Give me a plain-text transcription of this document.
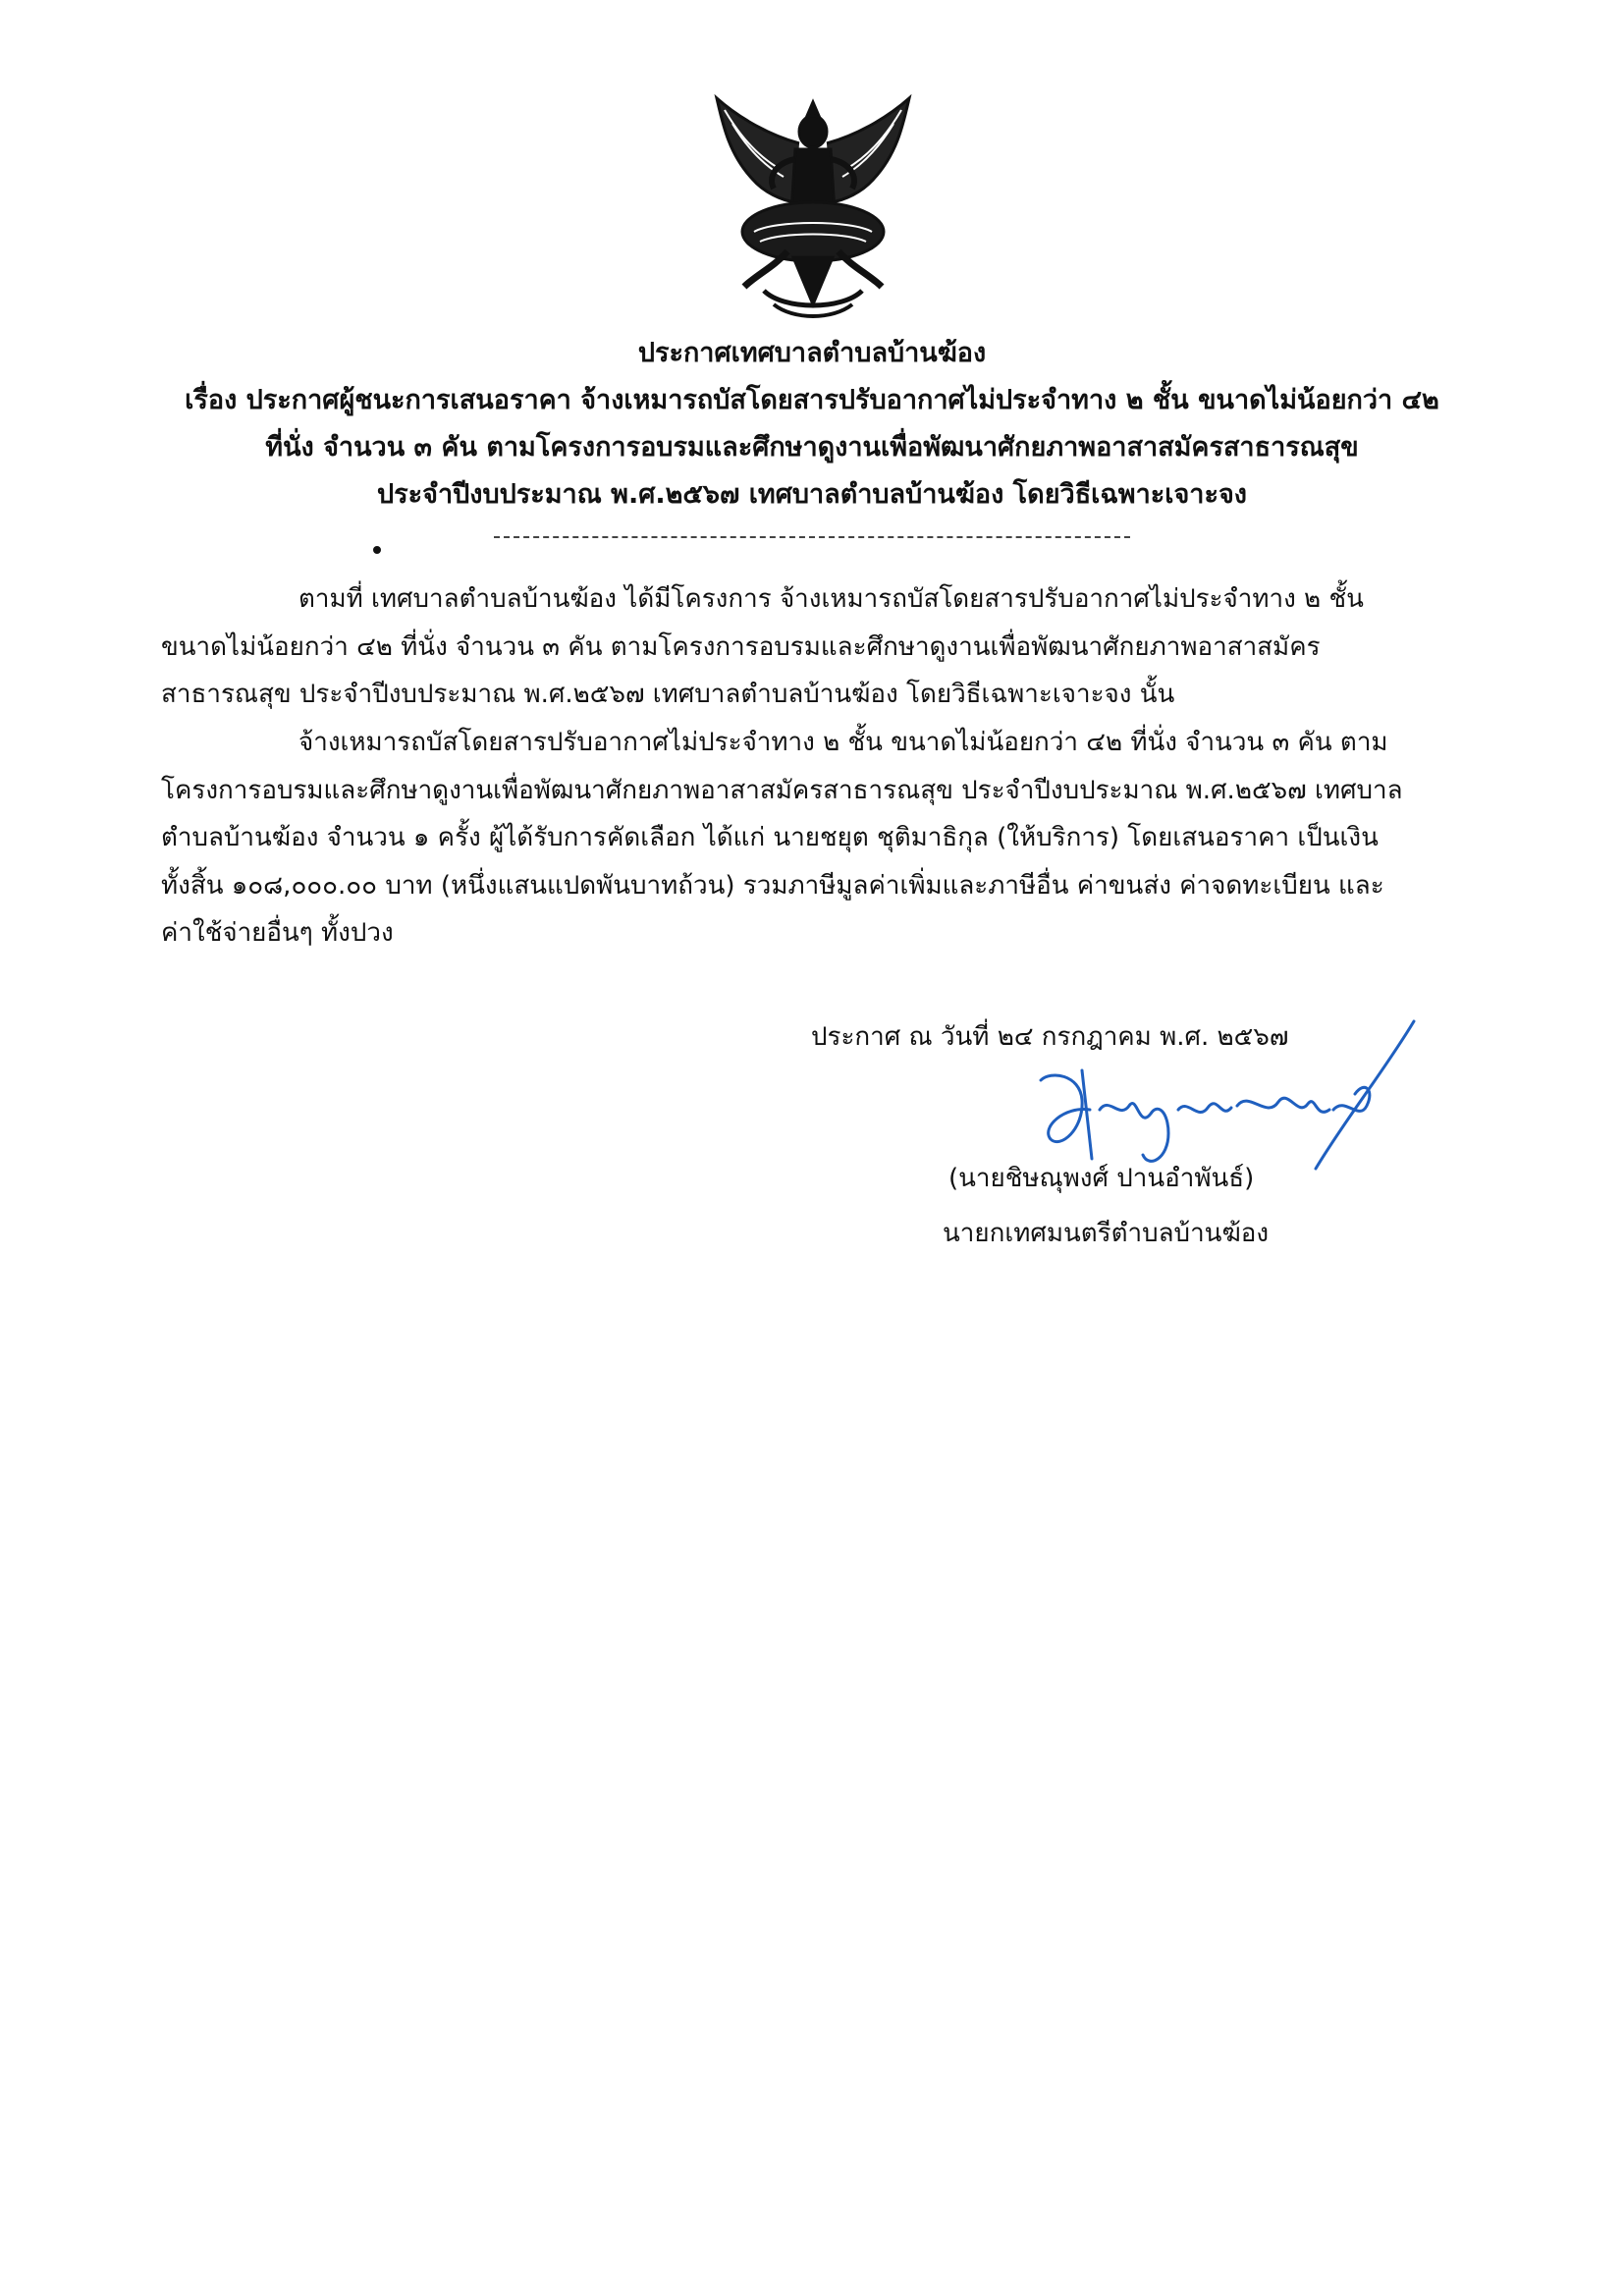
ประกาศเทศบาลตำบลบ้านฆ้อง
เรื่อง ประกาศผู้ชนะการเสนอราคา จ้างเหมารถบัสโดยสารปรับอากาศไม่ประจำทาง ๒ ชั้น ขนาดไม่น้อยกว่า ๔๒
ที่นั่ง จำนวน ๓ คัน ตามโครงการอบรมและศึกษาดูงานเพื่อพัฒนาศักยภาพอาสาสมัครสาธารณสุข
ประจำปีงบประมาณ พ.ศ.๒๕๖๗ เทศบาลตำบลบ้านฆ้อง โดยวิธีเฉพาะเจาะจง
ตามที่ เทศบาลตำบลบ้านฆ้อง ได้มีโครงการ จ้างเหมารถบัสโดยสารปรับอากาศไม่ประจำทาง ๒ ชั้น
ขนาดไม่น้อยกว่า ๔๒ ที่นั่ง จำนวน ๓ คัน ตามโครงการอบรมและศึกษาดูงานเพื่อพัฒนาศักยภาพอาสาสมัคร
สาธารณสุข ประจำปีงบประมาณ พ.ศ.๒๕๖๗ เทศบาลตำบลบ้านฆ้อง โดยวิธีเฉพาะเจาะจง นั้น
จ้างเหมารถบัสโดยสารปรับอากาศไม่ประจำทาง ๒ ชั้น ขนาดไม่น้อยกว่า ๔๒ ที่นั่ง จำนวน ๓ คัน ตาม
โครงการอบรมและศึกษาดูงานเพื่อพัฒนาศักยภาพอาสาสมัครสาธารณสุข ประจำปีงบประมาณ พ.ศ.๒๕๖๗ เทศบาล
ตำบลบ้านฆ้อง จำนวน ๑ ครั้ง ผู้ได้รับการคัดเลือก ได้แก่ นายชยุต ชุติมาธิกุล (ให้บริการ) โดยเสนอราคา เป็นเงิน
ทั้งสิ้น ๑๐๘,๐๐๐.๐๐ บาท (หนึ่งแสนแปดพันบาทถ้วน) รวมภาษีมูลค่าเพิ่มและภาษีอื่น ค่าขนส่ง ค่าจดทะเบียน และ
ค่าใช้จ่ายอื่นๆ ทั้งปวง
ประกาศ ณ วันที่ ๒๔ กรกฎาคม พ.ศ. ๒๕๖๗
(นายชิษณุพงศ์ ปานอำพันธ์)
นายกเทศมนตรีตำบลบ้านฆ้อง
